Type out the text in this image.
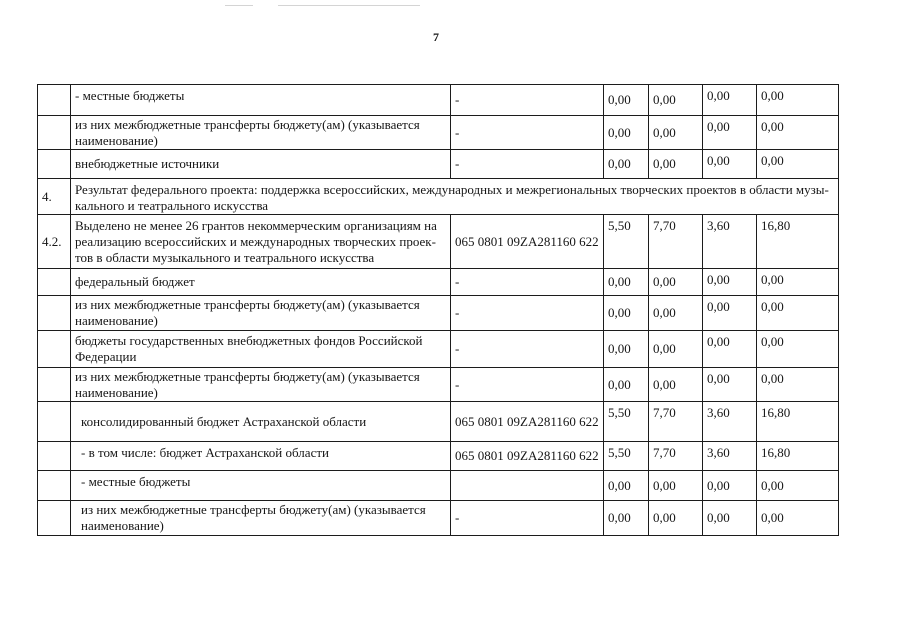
7

	- местные бюджеты	-	0,00	0,00	0,00	0,00

	из них межбюджетные трансферты бюджету(ам) (указывается
наименование)	-	0,00	0,00	0,00	0,00

	внебюджетные источники	-	0,00	0,00	0,00	0,00
4.	Результат федерального проекта: поддержка всероссийских, международных и межрегиональных творческих проектов в области музы-
кального и театрального искусства					

4.2.	Выделено не менее 26 грантов некоммерческим организациям на
реализацию всероссийских и международных творческих проек-
тов в области музыкального и театрального искусства	065 0801 09ZA281160 622	5,50	7,70	3,60	16,80

	федеральный бюджет	-	0,00	0,00	0,00	0,00

	из них межбюджетные трансферты бюджету(ам) (указывается
наименование)	-	0,00	0,00	0,00	0,00

	бюджеты государственных внебюджетных фондов Российской
Федерации	-	0,00	0,00	0,00	0,00

	из них межбюджетные трансферты бюджету(ам) (указывается
наименование)	-	0,00	0,00	0,00	0,00

	консолидированный бюджет Астраханской области	065 0801 09ZA281160 622	5,50	7,70	3,60	16,80

	- в том числе: бюджет Астраханской области	065 0801 09ZA281160 622	5,50	7,70	3,60	16,80

	- местные бюджеты		0,00	0,00	0,00	0,00

	из них межбюджетные трансферты бюджету(ам) (указывается
наименование)	-	0,00	0,00	0,00	0,00
